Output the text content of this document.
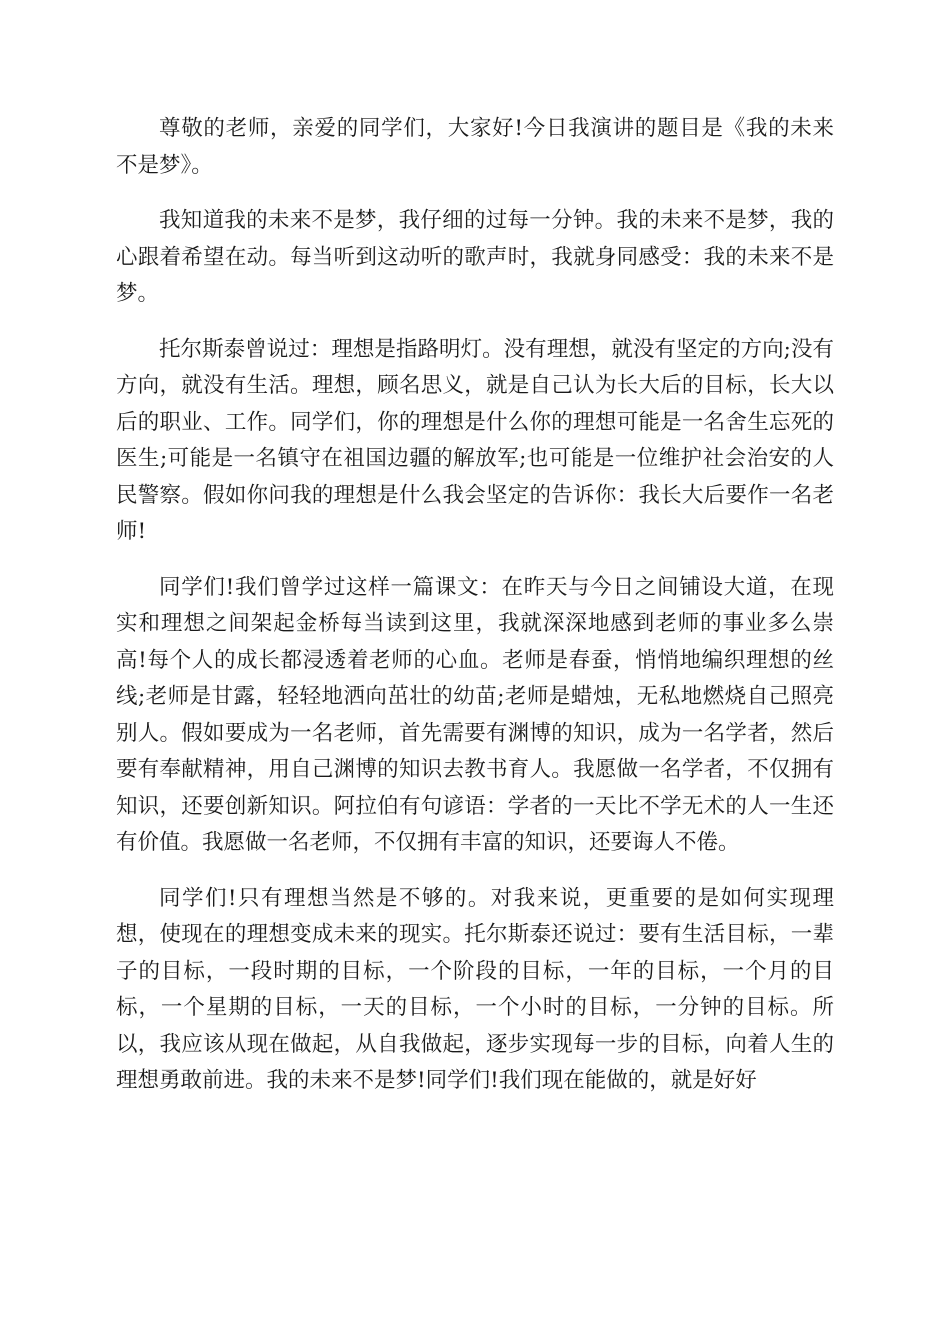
尊敬的老师，亲爱的同学们，大家好!今日我演讲的题目是《我的未来不是梦》。

我知道我的未来不是梦，我仔细的过每一分钟。我的未来不是梦，我的心跟着希望在动。每当听到这动听的歌声时，我就身同感受：我的未来不是梦。

托尔斯泰曾说过：理想是指路明灯。没有理想，就没有坚定的方向;没有方向，就没有生活。理想，顾名思义，就是自己认为长大后的目标，长大以后的职业、工作。同学们，你的理想是什么你的理想可能是一名舍生忘死的医生;可能是一名镇守在祖国边疆的解放军;也可能是一位维护社会治安的人民警察。假如你问我的理想是什么我会坚定的告诉你：我长大后要作一名老师!

同学们!我们曾学过这样一篇课文：在昨天与今日之间铺设大道，在现实和理想之间架起金桥每当读到这里，我就深深地感到老师的事业多么崇高!每个人的成长都浸透着老师的心血。老师是春蚕，悄悄地编织理想的丝线;老师是甘露，轻轻地洒向茁壮的幼苗;老师是蜡烛，无私地燃烧自己照亮别人。假如要成为一名老师，首先需要有渊博的知识，成为一名学者，然后要有奉献精神，用自己渊博的知识去教书育人。我愿做一名学者，不仅拥有知识，还要创新知识。阿拉伯有句谚语：学者的一天比不学无术的人一生还有价值。我愿做一名老师，不仅拥有丰富的知识，还要诲人不倦。

同学们!只有理想当然是不够的。对我来说，更重要的是如何实现理想，使现在的理想变成未来的现实。托尔斯泰还说过：要有生活目标，一辈子的目标，一段时期的目标，一个阶段的目标，一年的目标，一个月的目标，一个星期的目标，一天的目标，一个小时的目标，一分钟的目标。所以，我应该从现在做起，从自我做起，逐步实现每一步的目标，向着人生的理想勇敢前进。我的未来不是梦!同学们!我们现在能做的，就是好好
